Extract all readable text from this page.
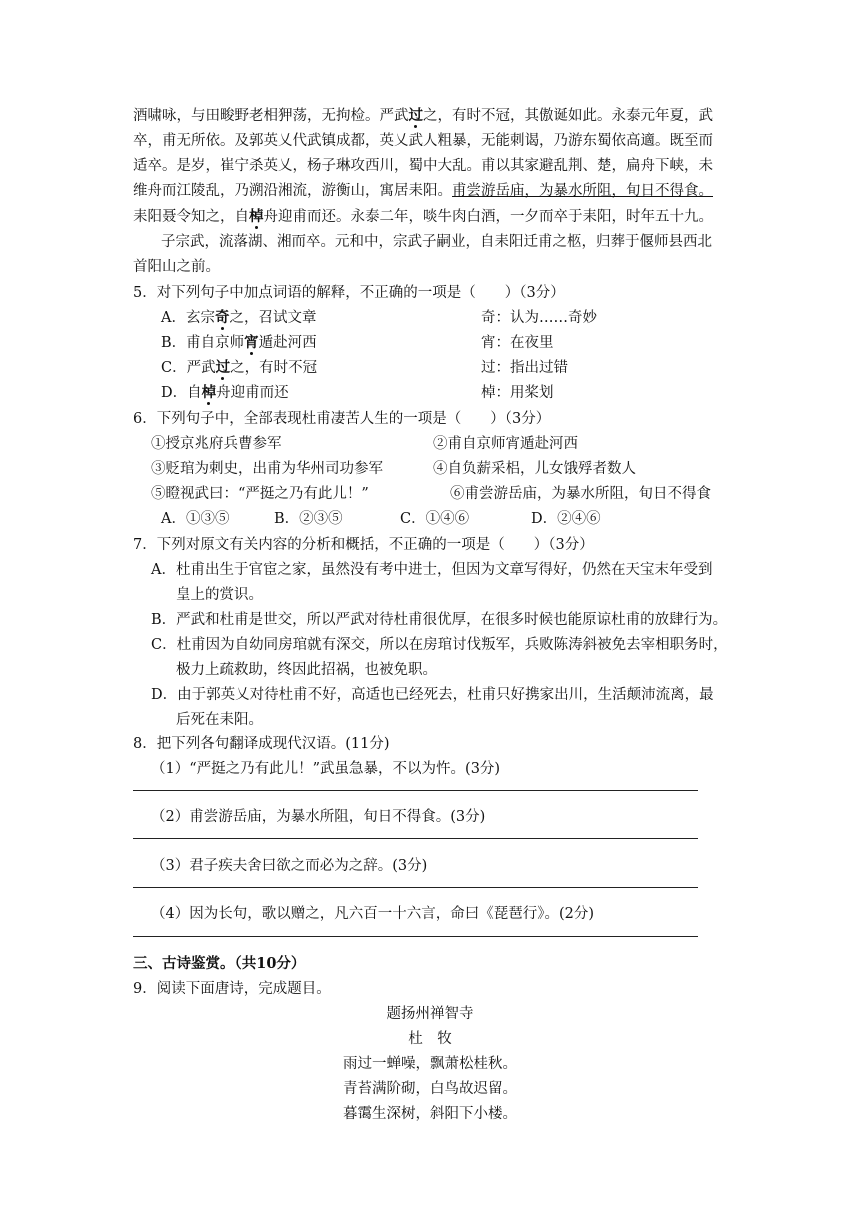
酒啸咏，与田畯野老相狎荡，无拘检。严武过之，有时不冠，其傲诞如此。永泰元年夏，武
卒，甫无所依。及郭英乂代武镇成都，英乂武人粗暴，无能刺谒，乃游东蜀依高適。既至而
适卒。是岁，崔宁杀英乂，杨子琳攻西川，蜀中大乱。甫以其家避乱荆、楚，扁舟下峡，未
维舟而江陵乱，乃溯沿湘流，游衡山，寓居耒阳。甫尝游岳庙，为暴水所阻，旬日不得食。
耒阳聂令知之，自棹舟迎甫而还。永泰二年，啖牛肉白酒，一夕而卒于耒阳，时年五十九。
子宗武，流落湖、湘而卒。元和中，宗武子嗣业，自耒阳迁甫之柩，归葬于偃师县西北
首阳山之前。
5．对下列句子中加点词语的解释，不正确的一项是（　　）（3分）
A．玄宗奇之，召试文章	奇：认为……奇妙
B．甫自京师宵遁赴河西	宵：在夜里
C．严武过之，有时不冠	过：指出过错
D．自棹舟迎甫而还	棹：用桨划
6．下列句子中，全部表现杜甫凄苦人生的一项是（　　）（3分）
①授京兆府兵曹参军	②甫自京师宵遁赴河西
③贬琯为刺史，出甫为华州司功参军	④自负薪采梠，儿女饿殍者数人
⑤瞪视武曰：“严挺之乃有此儿！”	⑥甫尝游岳庙，为暴水所阻，旬日不得食
A．①③⑤	B．②③⑤	C．①④⑥	D．②④⑥
7．下列对原文有关内容的分析和概括，不正确的一项是（　　）（3分）
A．杜甫出生于官宦之家，虽然没有考中进士，但因为文章写得好，仍然在天宝末年受到
皇上的赏识。
B．严武和杜甫是世交，所以严武对待杜甫很优厚，在很多时候也能原谅杜甫的放肆行为。
C．杜甫因为自幼同房琯就有深交，所以在房琯讨伐叛军，兵败陈涛斜被免去宰相职务时，
极力上疏救助，终因此招祸，也被免职。
D．由于郭英乂对待杜甫不好，高适也已经死去，杜甫只好携家出川，生活颠沛流离，最
后死在耒阳。
8．把下列各句翻译成现代汉语。(11分)
（1）“严挺之乃有此儿！”武虽急暴，不以为忤。(3分)
（2）甫尝游岳庙，为暴水所阻，旬日不得食。(3分)
（3）君子疾夫舍曰欲之而必为之辞。(3分)
（4）因为长句，歌以赠之，凡六百一十六言，命曰《琵琶行》。(2分)
三、古诗鉴赏。（共10分）
9．阅读下面唐诗，完成题目。
题扬州禅智寺
杜　牧
雨过一蝉噪，飘萧松桂秋。
青苔满阶砌，白鸟故迟留。
暮霭生深树，斜阳下小楼。
